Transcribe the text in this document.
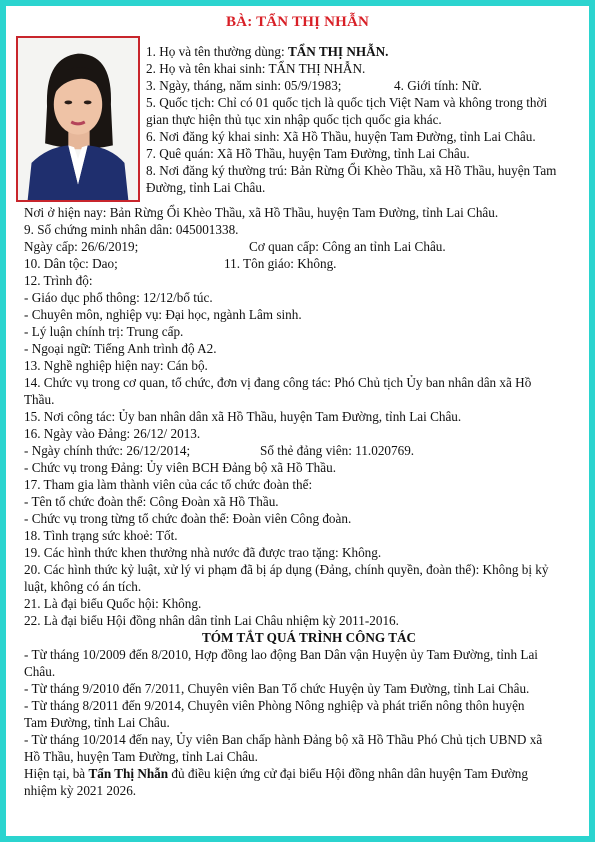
BÀ: TẨN THỊ NHẪN
1. Họ và tên thường dùng: TẨN THỊ NHẪN.
2. Họ và tên khai sinh: TẨN THỊ NHẪN.
3. Ngày, tháng, năm sinh: 05/9/1983;	4. Giới tính: Nữ.
5. Quốc tịch: Chỉ có 01 quốc tịch là quốc tịch Việt Nam và không trong thời
gian thực hiện thủ tục xin nhập quốc tịch quốc gia khác.
6. Nơi đăng ký khai sinh: Xã Hồ Thầu, huyện Tam Đường, tỉnh Lai Châu.
7. Quê quán: Xã Hồ Thầu, huyện Tam Đường, tỉnh Lai Châu.
8. Nơi đăng ký thường trú: Bản Rừng Ổi Khèo Thầu, xã Hồ Thầu, huyện Tam
Đường, tỉnh Lai Châu.
Nơi ở hiện nay: Bản Rừng Ổi Khèo Thầu, xã Hồ Thầu, huyện Tam Đường, tỉnh Lai Châu.
9. Số chứng minh nhân dân: 045001338.
Ngày cấp: 26/6/2019;	Cơ quan cấp: Công an tỉnh Lai Châu.
10. Dân tộc: Dao;	11. Tôn giáo: Không.
12. Trình độ:
- Giáo dục phổ thông: 12/12/bổ túc.
- Chuyên môn, nghiệp vụ: Đại học, ngành Lâm sinh.
- Lý luận chính trị: Trung cấp.
- Ngoại ngữ: Tiếng Anh trình độ A2.
13. Nghề nghiệp hiện nay: Cán bộ.
14. Chức vụ trong cơ quan, tổ chức, đơn vị đang công tác: Phó Chủ tịch Ủy ban nhân dân xã Hồ
Thầu.
15. Nơi công tác: Ủy ban nhân dân xã Hồ Thầu, huyện Tam Đường, tỉnh Lai Châu.
16. Ngày vào Đảng: 26/12/ 2013.
- Ngày chính thức: 26/12/2014;	Số thẻ đảng viên: 11.020769.
- Chức vụ trong Đảng: Ủy viên BCH Đảng bộ xã Hồ Thầu.
17. Tham gia làm thành viên của các tổ chức đoàn thể:
- Tên tổ chức đoàn thể: Công Đoàn xã Hồ Thầu.
- Chức vụ trong từng tổ chức đoàn thể: Đoàn viên Công đoàn.
18. Tình trạng sức khoẻ: Tốt.
19. Các hình thức khen thưởng nhà nước đã được trao tặng: Không.
20. Các hình thức kỷ luật, xử lý vi phạm đã bị áp dụng (Đảng, chính quyền, đoàn thể): Không bị kỷ
luật, không có án tích.
21. Là đại biểu Quốc hội: Không.
22. Là đại biểu Hội đồng nhân dân tỉnh Lai Châu nhiệm kỳ 2011-2016.
TÓM TẮT QUÁ TRÌNH CÔNG TÁC
- Từ tháng 10/2009 đến 8/2010, Hợp đồng lao động Ban Dân vận Huyện ủy Tam Đường, tỉnh Lai
Châu.
- Từ tháng 9/2010 đến 7/2011, Chuyên viên Ban Tổ chức Huyện ủy Tam Đường, tỉnh Lai Châu.
- Từ tháng 8/2011 đến 9/2014, Chuyên viên Phòng Nông nghiệp và phát triển nông thôn huyện
Tam Đường, tỉnh Lai Châu.
- Từ tháng 10/2014 đến nay, Ủy viên Ban chấp hành Đảng bộ xã Hồ Thầu Phó Chủ tịch UBND xã
Hồ Thầu, huyện Tam Đường, tỉnh Lai Châu.
Hiện tại, bà Tẩn Thị Nhẫn đủ điều kiện ứng cử đại biểu Hội đồng nhân dân huyện Tam Đường
nhiệm kỳ 2021 2026.
